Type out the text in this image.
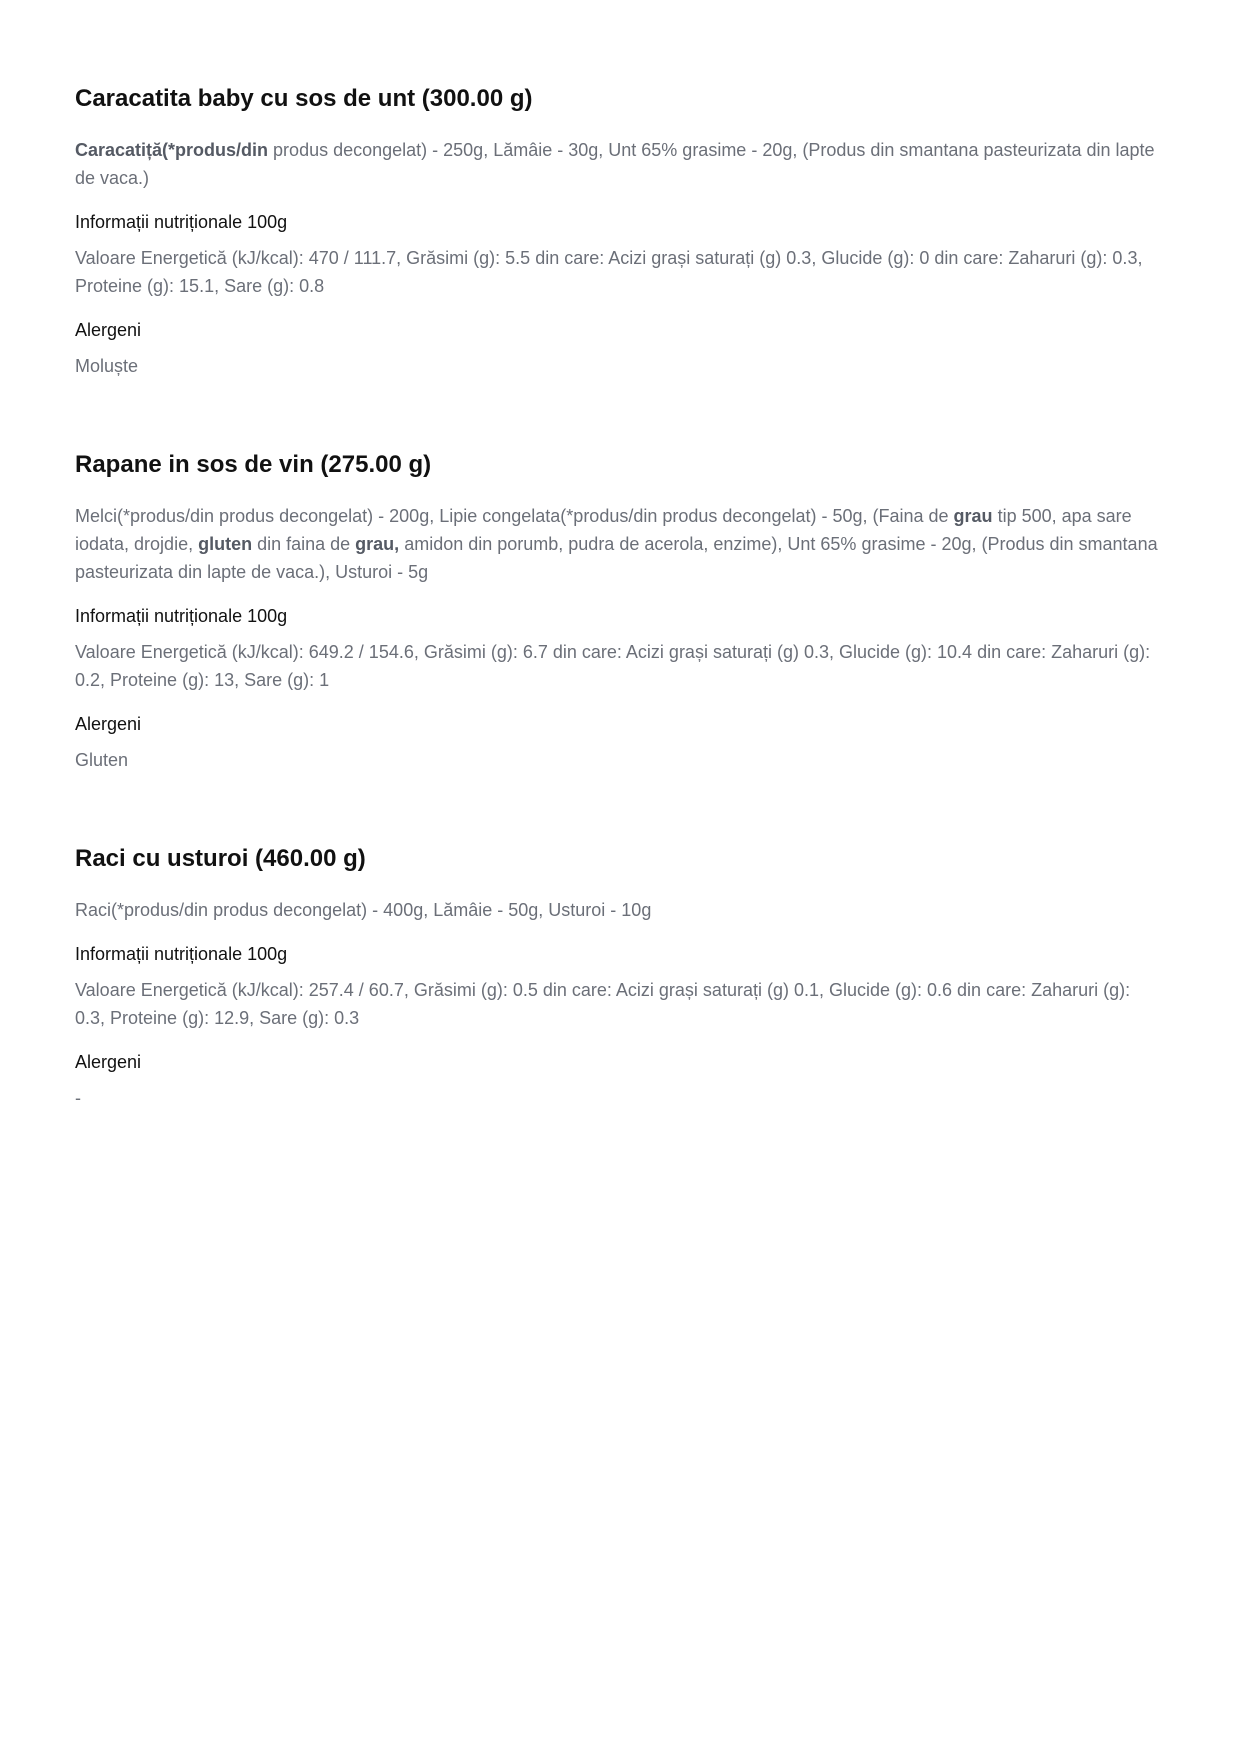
Caracatita baby cu sos de unt (300.00 g)

Caracatiță(*produs/din produs decongelat) - 250g, Lămâie - 30g, Unt 65% grasime - 20g, (Produs din smantana pasteurizata din lapte de vaca.)

Informații nutriționale 100g

Valoare Energetică (kJ/kcal): 470 / 111.7, Grăsimi (g): 5.5 din care: Acizi grași saturați (g) 0.3, Glucide (g): 0 din care: Zaharuri (g): 0.3, Proteine (g): 15.1, Sare (g): 0.8

Alergeni

Moluște

Rapane in sos de vin (275.00 g)

Melci(*produs/din produs decongelat) - 200g, Lipie congelata(*produs/din produs decongelat) - 50g, (Faina de grau tip 500, apa sare iodata, drojdie, gluten din faina de grau, amidon din porumb, pudra de acerola, enzime), Unt 65% grasime - 20g, (Produs din smantana pasteurizata din lapte de vaca.), Usturoi - 5g

Informații nutriționale 100g

Valoare Energetică (kJ/kcal): 649.2 / 154.6, Grăsimi (g): 6.7 din care: Acizi grași saturați (g) 0.3, Glucide (g): 10.4 din care: Zaharuri (g): 0.2, Proteine (g): 13, Sare (g): 1

Alergeni

Gluten

Raci cu usturoi (460.00 g)

Raci(*produs/din produs decongelat) - 400g, Lămâie - 50g, Usturoi - 10g

Informații nutriționale 100g

Valoare Energetică (kJ/kcal): 257.4 / 60.7, Grăsimi (g): 0.5 din care: Acizi grași saturați (g) 0.1, Glucide (g): 0.6 din care: Zaharuri (g): 0.3, Proteine (g): 12.9, Sare (g): 0.3

Alergeni

-
